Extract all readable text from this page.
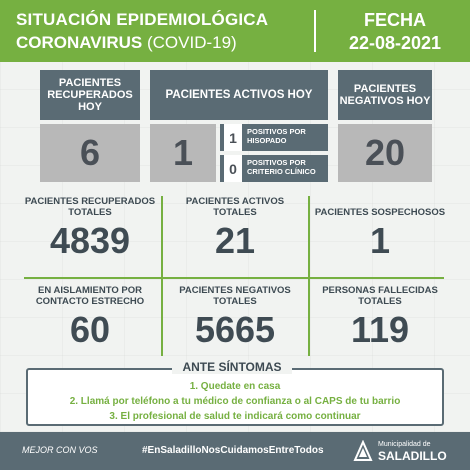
SITUACIÓN EPIDEMIOLÓGICA
CORONAVIRUS (COVID-19)
FECHA
22-08-2021
PACIENTES RECUPERADOS HOY
6
PACIENTES ACTIVOS HOY
1	1	POSITIVOS POR HISOPADO
0	POSITIVOS POR CRITERIO CLÍNICO
PACIENTES NEGATIVOS HOY
20
PACIENTES RECUPERADOS TOTALES
4839
PACIENTES ACTIVOS TOTALES
21
PACIENTES SOSPECHOSOS
1
EN AISLAMIENTO POR CONTACTO ESTRECHO
60
PACIENTES NEGATIVOS TOTALES
5665
PERSONAS FALLECIDAS TOTALES
119
1. Quedate en casa
2. Llamá por teléfono a tu médico de confianza o al CAPS de tu barrio
3. El profesional de salud te indicará como continuar
ANTE SÍNTOMAS
MEJOR CON VOS	#EnSaladilloNosCuidamosEntreTodos
Municipalidad de
SALADILLO
